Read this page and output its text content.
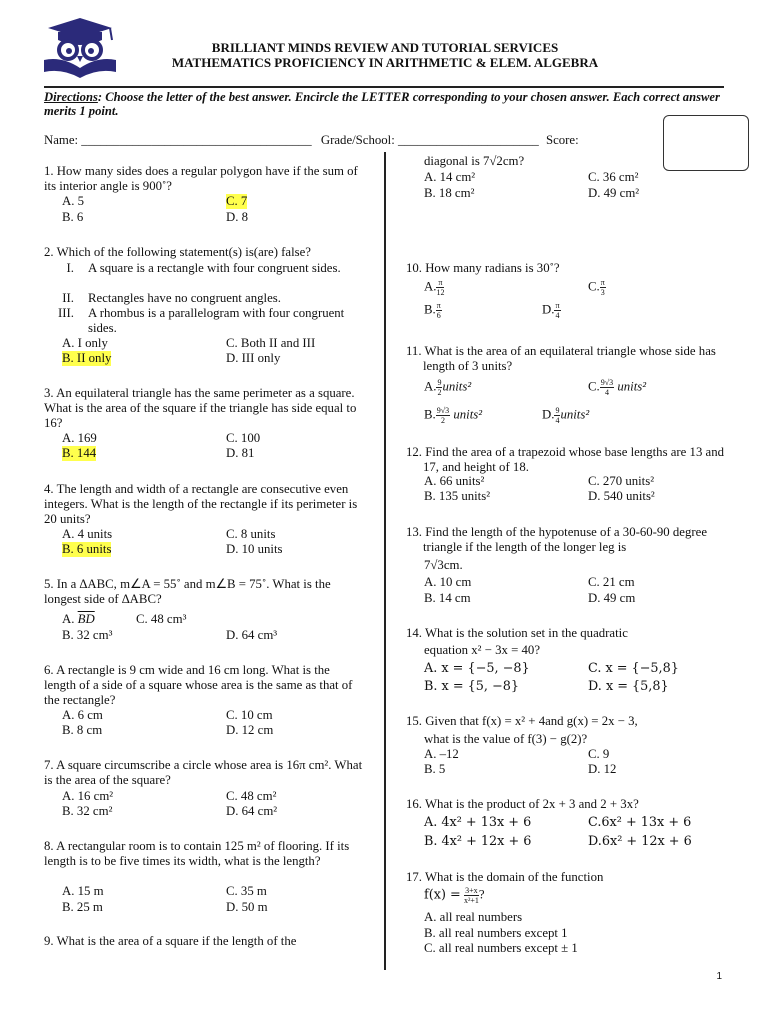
BRILLIANT MINDS REVIEW AND TUTORIAL SERVICES
MATHEMATICS PROFICIENCY IN ARITHMETIC & ELEM. ALGEBRA
Directions: Choose the letter of the best answer. Encircle the LETTER corresponding to your chosen answer. Each correct answer merits 1 point.
Name: ____________________________________ Grade/School: ______________________ Score:

1. How many sides does a regular polygon have if the sum of its interior angle is 900˚?

A. 5	C. 7
B. 6	D. 8

2. Which of the following statement(s) is(are) false?

I. A square is a rectangle with four congruent sides.
II. Rectangles have no congruent angles.
III. A rhombus is a parallelogram with four congruent sides.
A. I only	C. Both II and III
B. II only	D. III only

3. An equilateral triangle has the same perimeter as a square. What is the area of the square if the triangle has side equal to 16?

A. 169	C. 100
B. 144	D. 81

4. The length and width of a rectangle are consecutive even integers. What is the length of the rectangle if its perimeter is 20 units?

A. 4 units	C. 8 units
B. 6 units	D. 10 units

5. In a ∆ABC, m∠A = 55˚ and m∠B = 75˚. What is the longest side of ∆ABC?

A. $\overline{BD}$	C. 48 cm³
B. 32 cm³	D. 64 cm³

6. A rectangle is 9 cm wide and 16 cm long. What is the length of a side of a square whose area is the same as that of the rectangle?

A. 6 cm	C. 10 cm
B. 8 cm	D. 12 cm

7. A square circumscribe a circle whose area is 16π cm². What is the area of the square?

A. 16 cm²	C. 48 cm²
B. 32 cm²	D. 64 cm²

8. A rectangular room is to contain 125 m² of flooring. If its length is to be five times its width, what is the length?

A. 15 m	C. 35 m
B. 25 m	D. 50 m

9. What is the area of a square if the length of the

diagonal is 7√2cm?
A. 14 cm²	C. 36 cm²
B. 18 cm²	D. 49 cm²
10. How many radians is 30˚?
A. $\frac{\pi}{12}$	C. $\frac{\pi}{3}$
B. $\frac{\pi}{6}$	D. $\frac{\pi}{4}$
11. What is the area of an equilateral triangle whose side has length of 3 units?
A. $\frac{9}{2}$ units²	C. $\frac{9√3}{4}$ units²
B. $\frac{9√3}{2}$ units²	D. $\frac{9}{4}$ units²
12. Find the area of a trapezoid whose base lengths are 13 and 17, and height of 18.
A. 66 units²	C. 270 units²
B. 135 units²	D. 540 units²
13. Find the length of the hypotenuse of a 30-60-90 degree triangle if the length of the longer leg is
7√3cm.
A. 10 cm	C. 21 cm
B. 14 cm	D. 49 cm
14. What is the solution set in the quadratic
equation x² − 3x = 40?
A. x = {−5, −8}	C. x = {−5,8}
B. x = {5, −8}	D. x = {5,8}
15. Given that f(x) = x² + 4and g(x) = 2x − 3,
what is the value of f(3) − g(2)?
A. –12	C. 9
B. 5	D. 12
16. What is the product of 2x + 3 and 2 + 3x?
A. 4x² + 13x + 6	C.6x² + 13x + 6
B. 4x² + 12x + 6	D.6x² + 12x + 6
17. What is the domain of the function
$f(x) = \frac{3+x}{\text{x²+1}}$ ?
A. all real numbers
B. all real numbers except 1
C. all real numbers except ± 1
1
